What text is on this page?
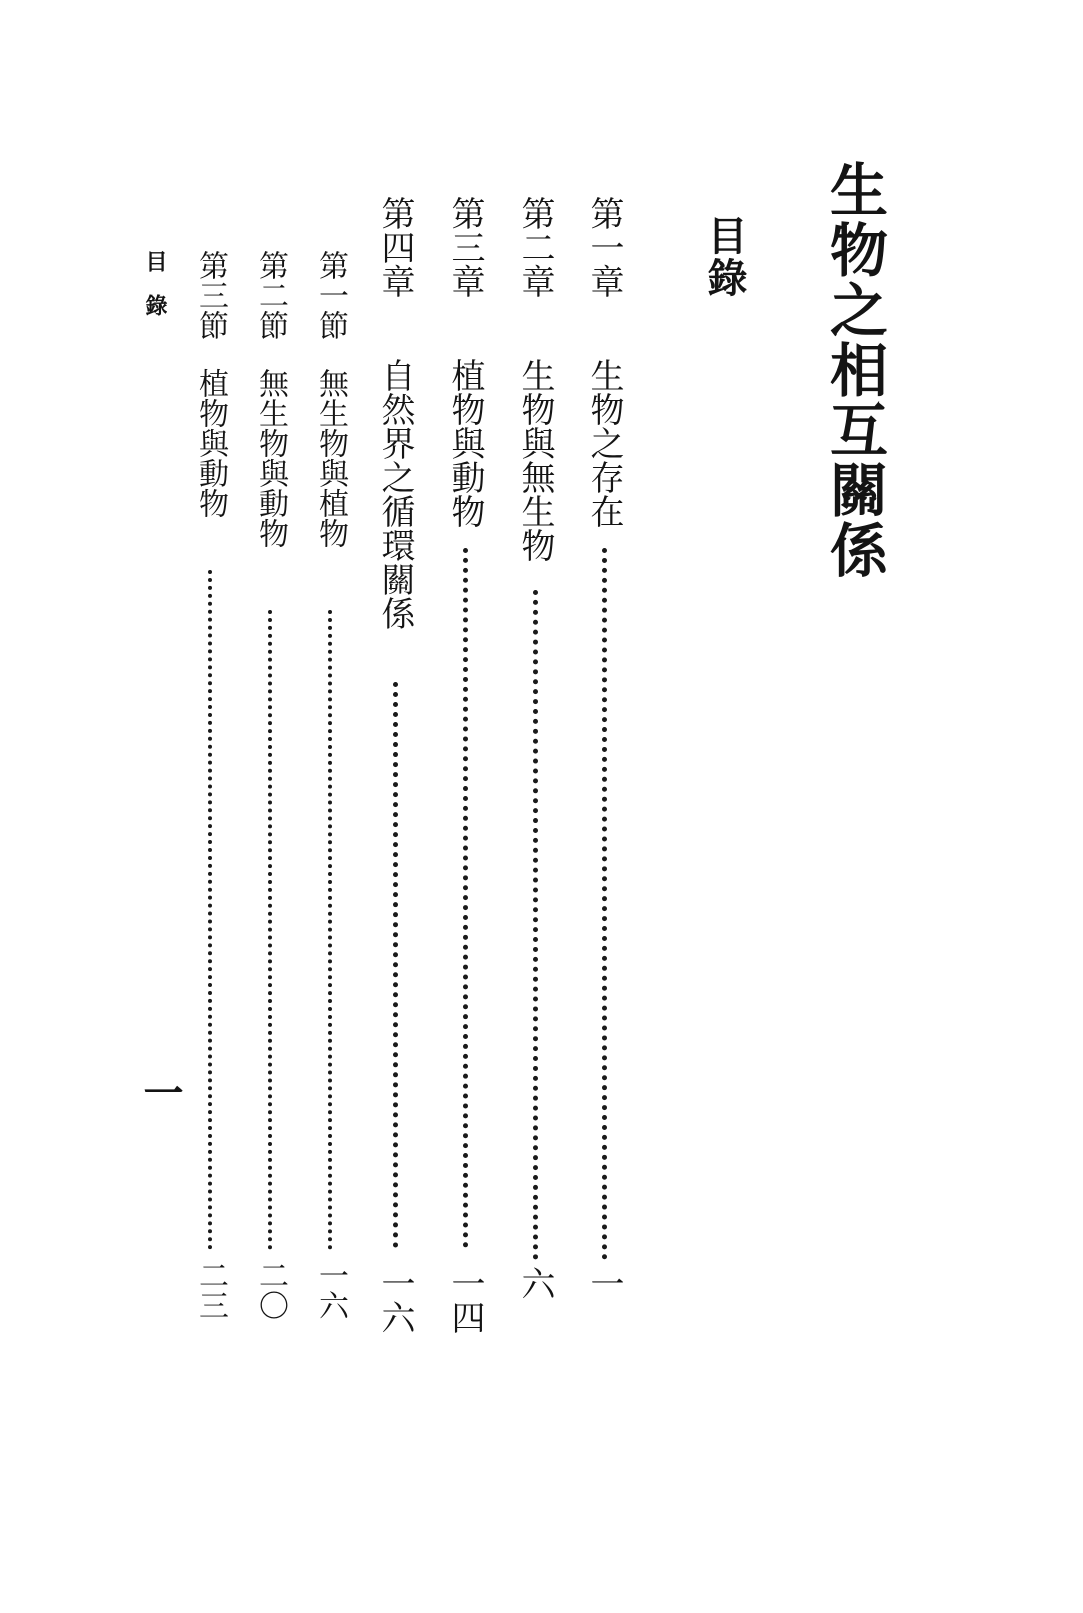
生物之相互關係
目錄
第一章
生物之存在
一
第二章
生物與無生物
六
第三章
植物與動物
一四
第四章
自然界之循環關係
一六
第一節
無生物與植物
一六
第二節
無生物與動物
二〇
第三節
植物與動物
二三
目錄
一
